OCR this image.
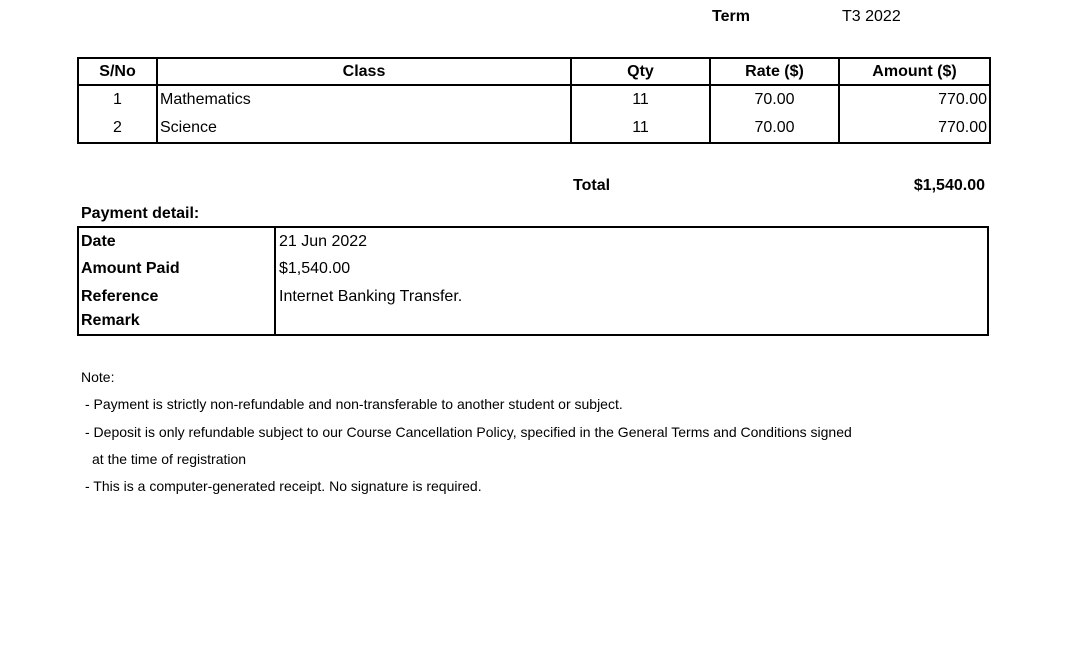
Term	T3 2022
S/No	Class	Qty	Rate ($)	Amount ($)
1	Mathematics	11	70.00	770.00
2	Science	11	70.00	770.00
Total	$1,540.00
Payment detail:
Date	21 Jun 2022
Amount Paid	$1,540.00
Reference	Internet Banking Transfer.
Remark
Note:
- Payment is strictly non-refundable and non-transferable to another student or subject.
- Deposit is only refundable subject to our Course Cancellation Policy, specified in the General Terms and Conditions signed
at the time of registration
- This is a computer-generated receipt. No signature is required.
